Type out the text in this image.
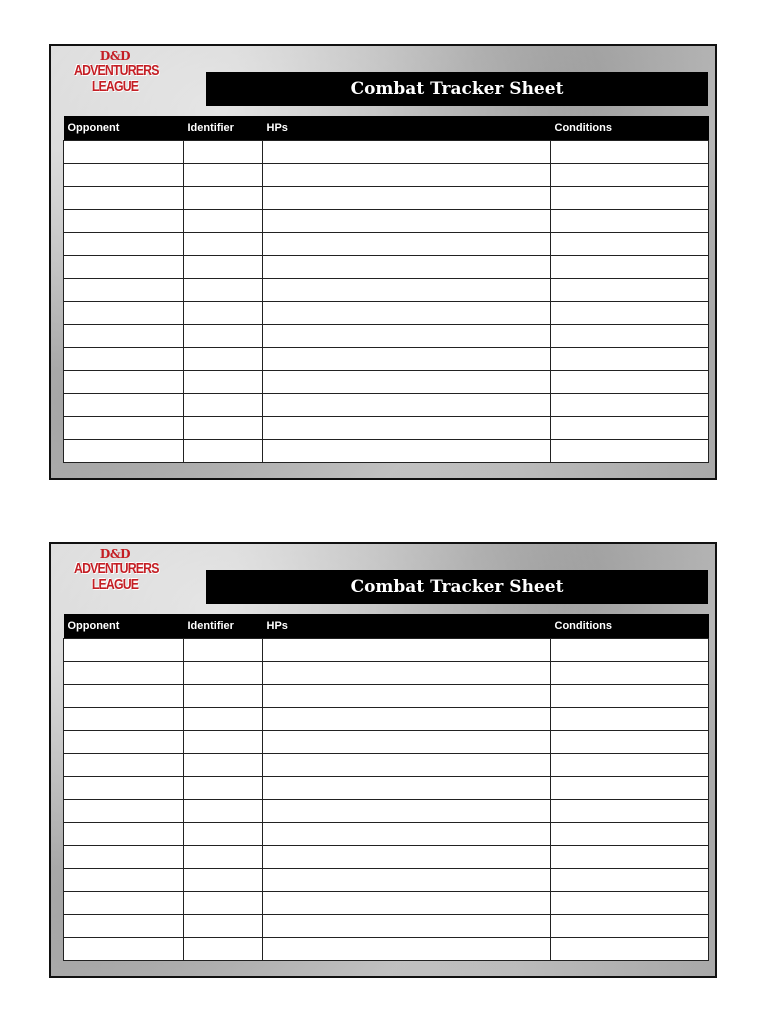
D&D
ADVENTURERS
LEAGUE	Combat Tracker Sheet
Opponent	Identifier	HPs	Conditions

D&D
ADVENTURERS
LEAGUE	Combat Tracker Sheet
Opponent	Identifier	HPs	Conditions
